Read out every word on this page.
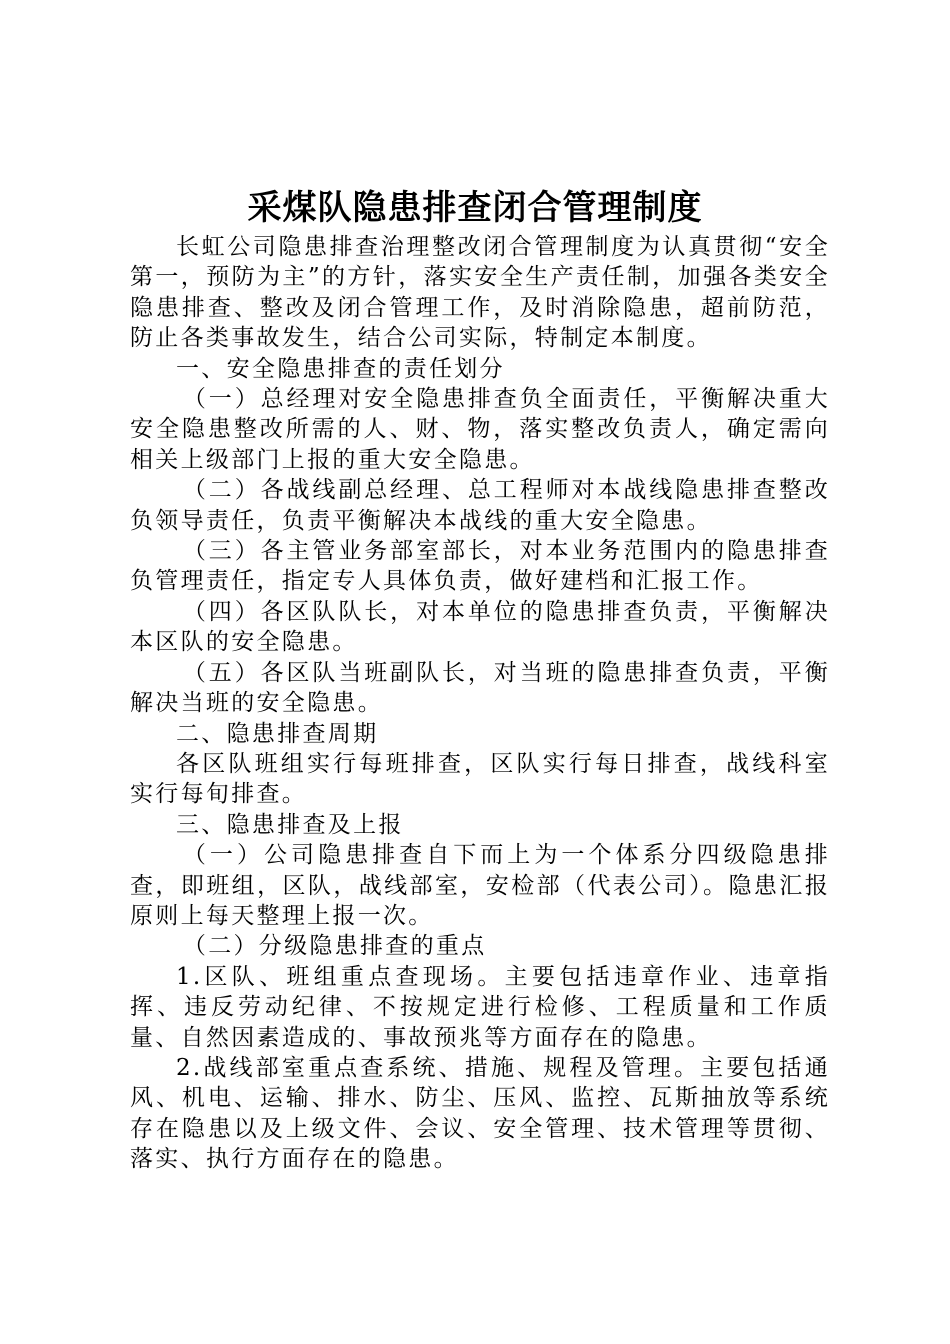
采煤队隐患排查闭合管理制度

长虹公司隐患排查治理整改闭合管理制度为认真贯彻“安全第一，预防为主”的方针，落实安全生产责任制，加强各类安全隐患排查、整改及闭合管理工作，及时消除隐患，超前防范，防止各类事故发生，结合公司实际，特制定本制度。

一、安全隐患排查的责任划分

（一）总经理对安全隐患排查负全面责任，平衡解决重大安全隐患整改所需的人、财、物，落实整改负责人，确定需向相关上级部门上报的重大安全隐患。

（二）各战线副总经理、总工程师对本战线隐患排查整改负领导责任，负责平衡解决本战线的重大安全隐患。

（三）各主管业务部室部长，对本业务范围内的隐患排查负管理责任，指定专人具体负责，做好建档和汇报工作。

（四）各区队队长，对本单位的隐患排查负责，平衡解决本区队的安全隐患。

（五）各区队当班副队长，对当班的隐患排查负责，平衡解决当班的安全隐患。

二、隐患排查周期

各区队班组实行每班排查，区队实行每日排查，战线科室实行每旬排查。

三、隐患排查及上报

（一）公司隐患排查自下而上为一个体系分四级隐患排查，即班组，区队，战线部室，安检部（代表公司）。隐患汇报原则上每天整理上报一次。

（二）分级隐患排查的重点

1.区队、班组重点查现场。主要包括违章作业、违章指挥、违反劳动纪律、不按规定进行检修、工程质量和工作质量、自然因素造成的、事故预兆等方面存在的隐患。

2.战线部室重点查系统、措施、规程及管理。主要包括通风、机电、运输、排水、防尘、压风、监控、瓦斯抽放等系统存在隐患以及上级文件、会议、安全管理、技术管理等贯彻、落实、执行方面存在的隐患。
